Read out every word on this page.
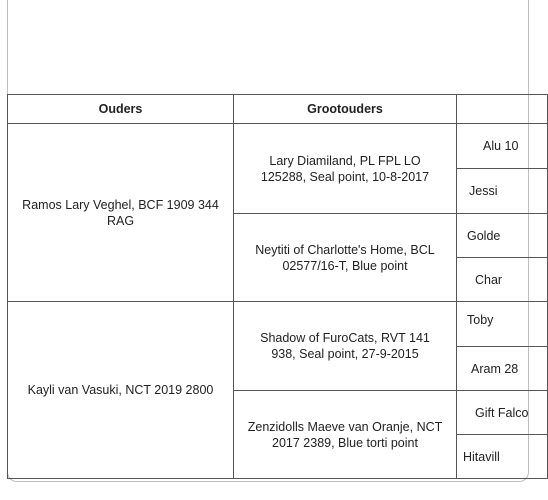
Ouders	Grootouders	
Ramos Lary Veghel, BCF 1909 344 RAG	Lary Diamiland, PL FPL LO 125288, Seal point, 10-8-2017	Alu 10
		Jessi
	Neytiti of Charlotte's Home, BCL 02577/16-T, Blue point	Golde
		Char
Kayli van Vasuki, NCT 2019 2800	Shadow of FuroCats, RVT 141 938, Seal point, 27-9-2015	Toby
		Aram 28
	Zenzidolls Maeve van Oranje, NCT 2017 2389, Blue torti point	Gift Falco
		Hitavill
